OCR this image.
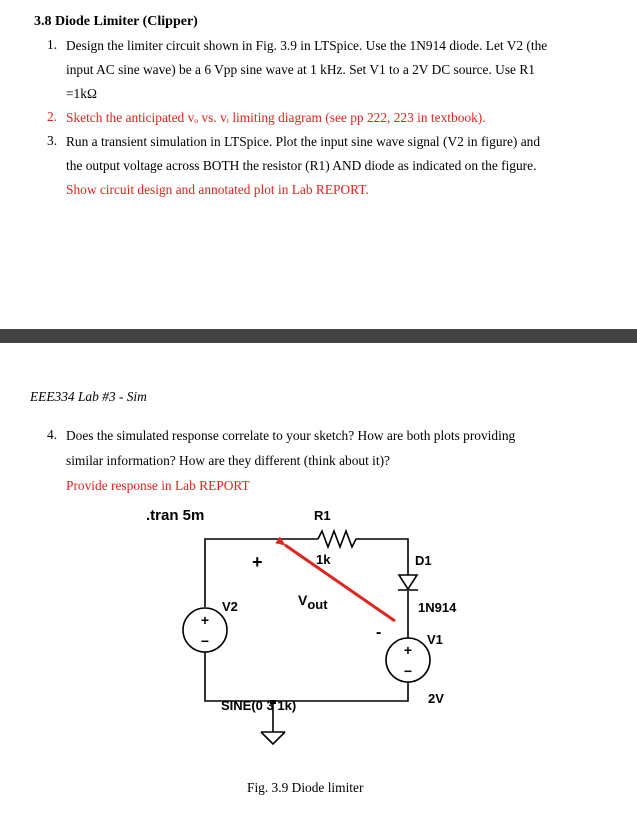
3.8 Diode Limiter (Clipper)
1. Design the limiter circuit shown in Fig. 3.9 in LTSpice. Use the 1N914 diode. Let V2 (the
input AC sine wave) be a 6 Vpp sine wave at 1 kHz. Set V1 to a 2V DC source. Use R1
=1kΩ
2. Sketch the anticipated vₒ vs. vᵢ limiting diagram (see pp 222, 223 in textbook).
3. Run a transient simulation in LTSpice. Plot the input sine wave signal (V2 in figure) and
the output voltage across BOTH the resistor (R1) AND diode as indicated on the figure.
Show circuit design and annotated plot in Lab REPORT.
EEE334 Lab #3 - Sim
4. Does the simulated response correlate to your sketch? How are both plots providing
similar information? How are they different (think about it)?
Provide response in Lab REPORT
+
−
+
−
.tran 5m	R1
1k	D1
1N914
V1
2V
V2
SINE(0 3 1k)
+
-
Vout
Fig. 3.9 Diode limiter
